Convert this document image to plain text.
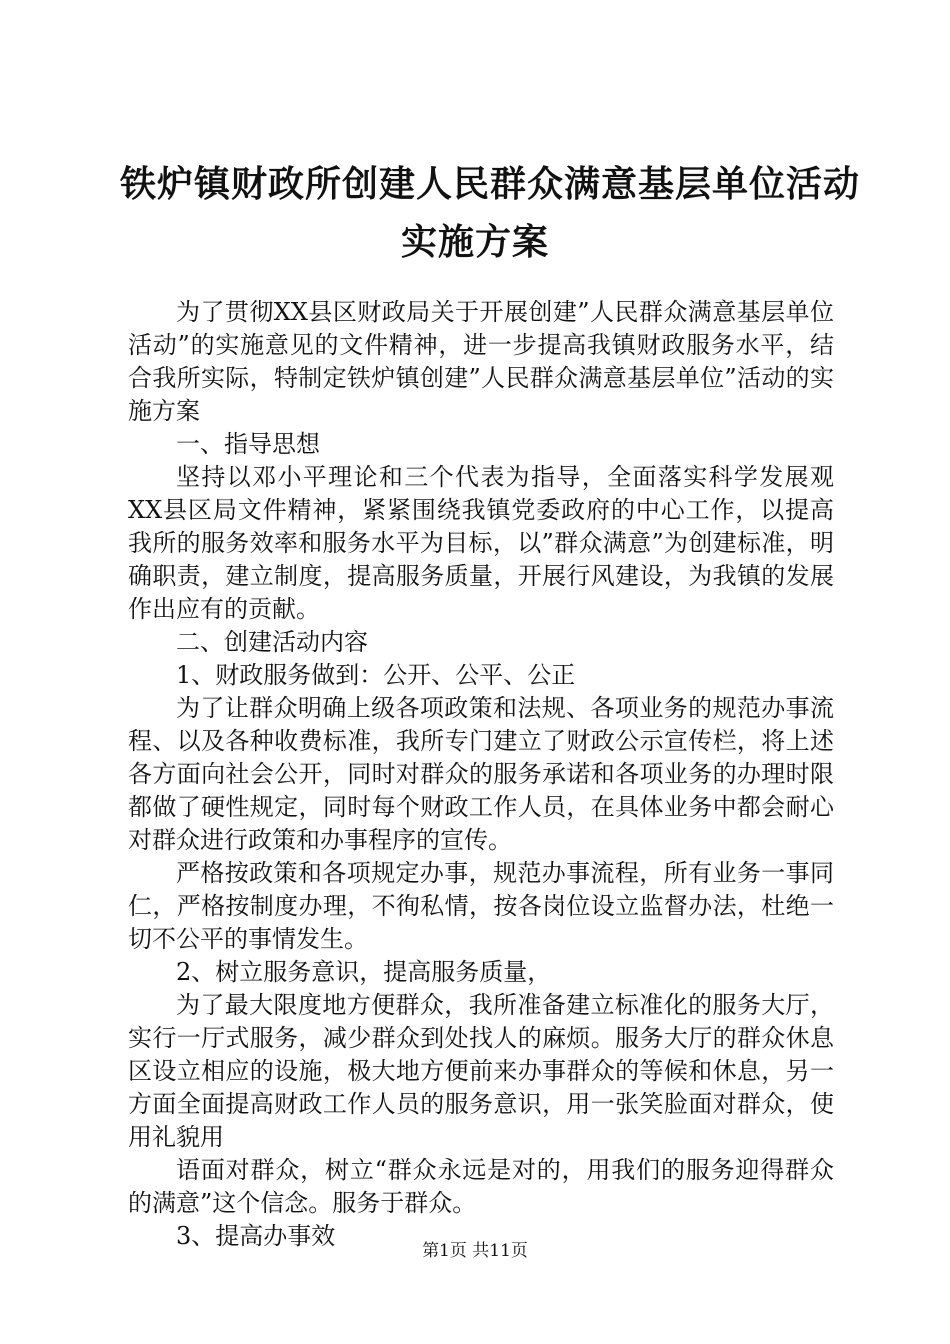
铁炉镇财政所创建人民群众满意基层单位活动
实施方案

为了贯彻XX县区财政局关于开展创建”人民群众满意基层单位活动”的实施意见的文件精神，进一步提高我镇财政服务水平，结合我所实际，特制定铁炉镇创建”人民群众满意基层单位”活动的实施方案

一、指导思想

坚持以邓小平理论和三个代表为指导，全面落实科学发展观XX县区局文件精神，紧紧围绕我镇党委政府的中心工作，以提高我所的服务效率和服务水平为目标，以”群众满意”为创建标准，明确职责，建立制度，提高服务质量，开展行风建设，为我镇的发展作出应有的贡献。

二、创建活动内容

1、财政服务做到：公开、公平、公正

为了让群众明确上级各项政策和法规、各项业务的规范办事流程、以及各种收费标准，我所专门建立了财政公示宣传栏，将上述各方面向社会公开，同时对群众的服务承诺和各项业务的办理时限都做了硬性规定，同时每个财政工作人员，在具体业务中都会耐心对群众进行政策和办事程序的宣传。

严格按政策和各项规定办事，规范办事流程，所有业务一事同仁，严格按制度办理，不徇私情，按各岗位设立监督办法，杜绝一切不公平的事情发生。

2、树立服务意识，提高服务质量，

为了最大限度地方便群众，我所准备建立标准化的服务大厅，实行一厅式服务，减少群众到处找人的麻烦。服务大厅的群众休息区设立相应的设施，极大地方便前来办事群众的等候和休息，另一方面全面提高财政工作人员的服务意识，用一张笑脸面对群众，使用礼貌用

语面对群众，树立“群众永远是对的，用我们的服务迎得群众的满意”这个信念。服务于群众。

3、提高办事效

第1页 共11页
